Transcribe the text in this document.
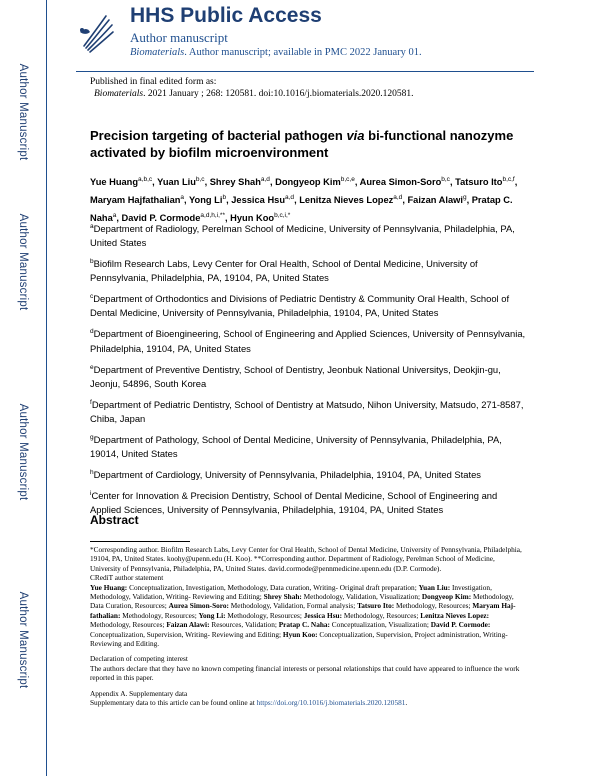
Author Manuscript
Author Manuscript
Author Manuscript
Author Manuscript
HHS Public Access
Author manuscript
Biomaterials. Author manuscript; available in PMC 2022 January 01.
Published in final edited form as:
Biomaterials. 2021 January ; 268: 120581. doi:10.1016/j.biomaterials.2020.120581.
Precision targeting of bacterial pathogen via bi-functional nanozyme activated by biofilm microenvironment
Yue Huang$^{a,b,c}$, Yuan Liu$^{b,c}$, Shrey Shah$^{a,d}$, Dongyeop Kim$^{b,c,e}$, Aurea Simon-Soro$^{b,c}$, Tatsuro Ito$^{b,c,f}$, Maryam Hajfathalian$^a$, Yong Li$^b$, Jessica Hsu$^{a,d}$, Lenitza Nieves Lopez$^{a,d}$, Faizan Alawi$^g$, Pratap C. Naha$^a$, David P. Cormode$^{a,d,h,i,**}$, Hyun Koo$^{b,c,i,*}$
$^a$Department of Radiology, Perelman School of Medicine, University of Pennsylvania, Philadelphia, PA, United States
$^b$Biofilm Research Labs, Levy Center for Oral Health, School of Dental Medicine, University of Pennsylvania, Philadelphia, PA, 19104, PA, United States
$^c$Department of Orthodontics and Divisions of Pediatric Dentistry & Community Oral Health, School of Dental Medicine, University of Pennsylvania, Philadelphia, 19104, PA, United States
$^d$Department of Bioengineering, School of Engineering and Applied Sciences, University of Pennsylvania, Philadelphia, 19104, PA, United States
$^e$Department of Preventive Dentistry, School of Dentistry, Jeonbuk National Universitys, Deokjin-gu, Jeonju, 54896, South Korea
$^f$Department of Pediatric Dentistry, School of Dentistry at Matsudo, Nihon University, Matsudo, 271-8587, Chiba, Japan
$^g$Department of Pathology, School of Dental Medicine, University of Pennsylvania, Philadelphia, PA, 19014, United States
$^h$Department of Cardiology, University of Pennsylvania, Philadelphia, 19104, PA, United States
$^i$Center for Innovation & Precision Dentistry, School of Dental Medicine, School of Engineering and Applied Sciences, University of Pennsylvania, Philadelphia, 19104, PA, United States
Abstract

*Corresponding author. Biofilm Research Labs, Levy Center for Oral Health, School of Dental Medicine, University of Pennsylvania, Philadelphia, 19104, PA, United States. koohy@upenn.edu (H. Koo). **Corresponding author. Department of Radiology, Perelman School of Medicine, University of Pennsylvania, Philadelphia, PA, United States. david.cormode@pennmedicine.upenn.edu (D.P. Cormode).

CRediT author statement

Yue Huang: Conceptualization, Investigation, Methodology, Data curation, Writing- Original draft preparation; Yuan Liu: Investigation, Methodology, Validation, Writing- Reviewing and Editing; Shrey Shah: Methodology, Validation, Visualization; Dongyeop Kim: Methodology, Data Curation, Resources; Aurea Simon-Soro: Methodology, Validation, Formal analysis; Tatsuro Ito: Methodology, Resources; Maryam Haj-fathalian: Methodology, Resources; Yong Li: Methodology, Resources; Jessica Hsu: Methodology, Resources; Lenitza Nieves Lopez: Methodology, Resources; Faizan Alawi: Resources, Validation; Pratap C. Naha: Conceptualization, Visualization; David P. Cormode: Conceptualization, Supervision, Writing- Reviewing and Editing; Hyun Koo: Conceptualization, Supervision, Project administration, Writing- Reviewing and Editing.

Declaration of competing interest

The authors declare that they have no known competing financial interests or personal relationships that could have appeared to influence the work reported in this paper.

Appendix A. Supplementary data

Supplementary data to this article can be found online at https://doi.org/10.1016/j.biomaterials.2020.120581.
